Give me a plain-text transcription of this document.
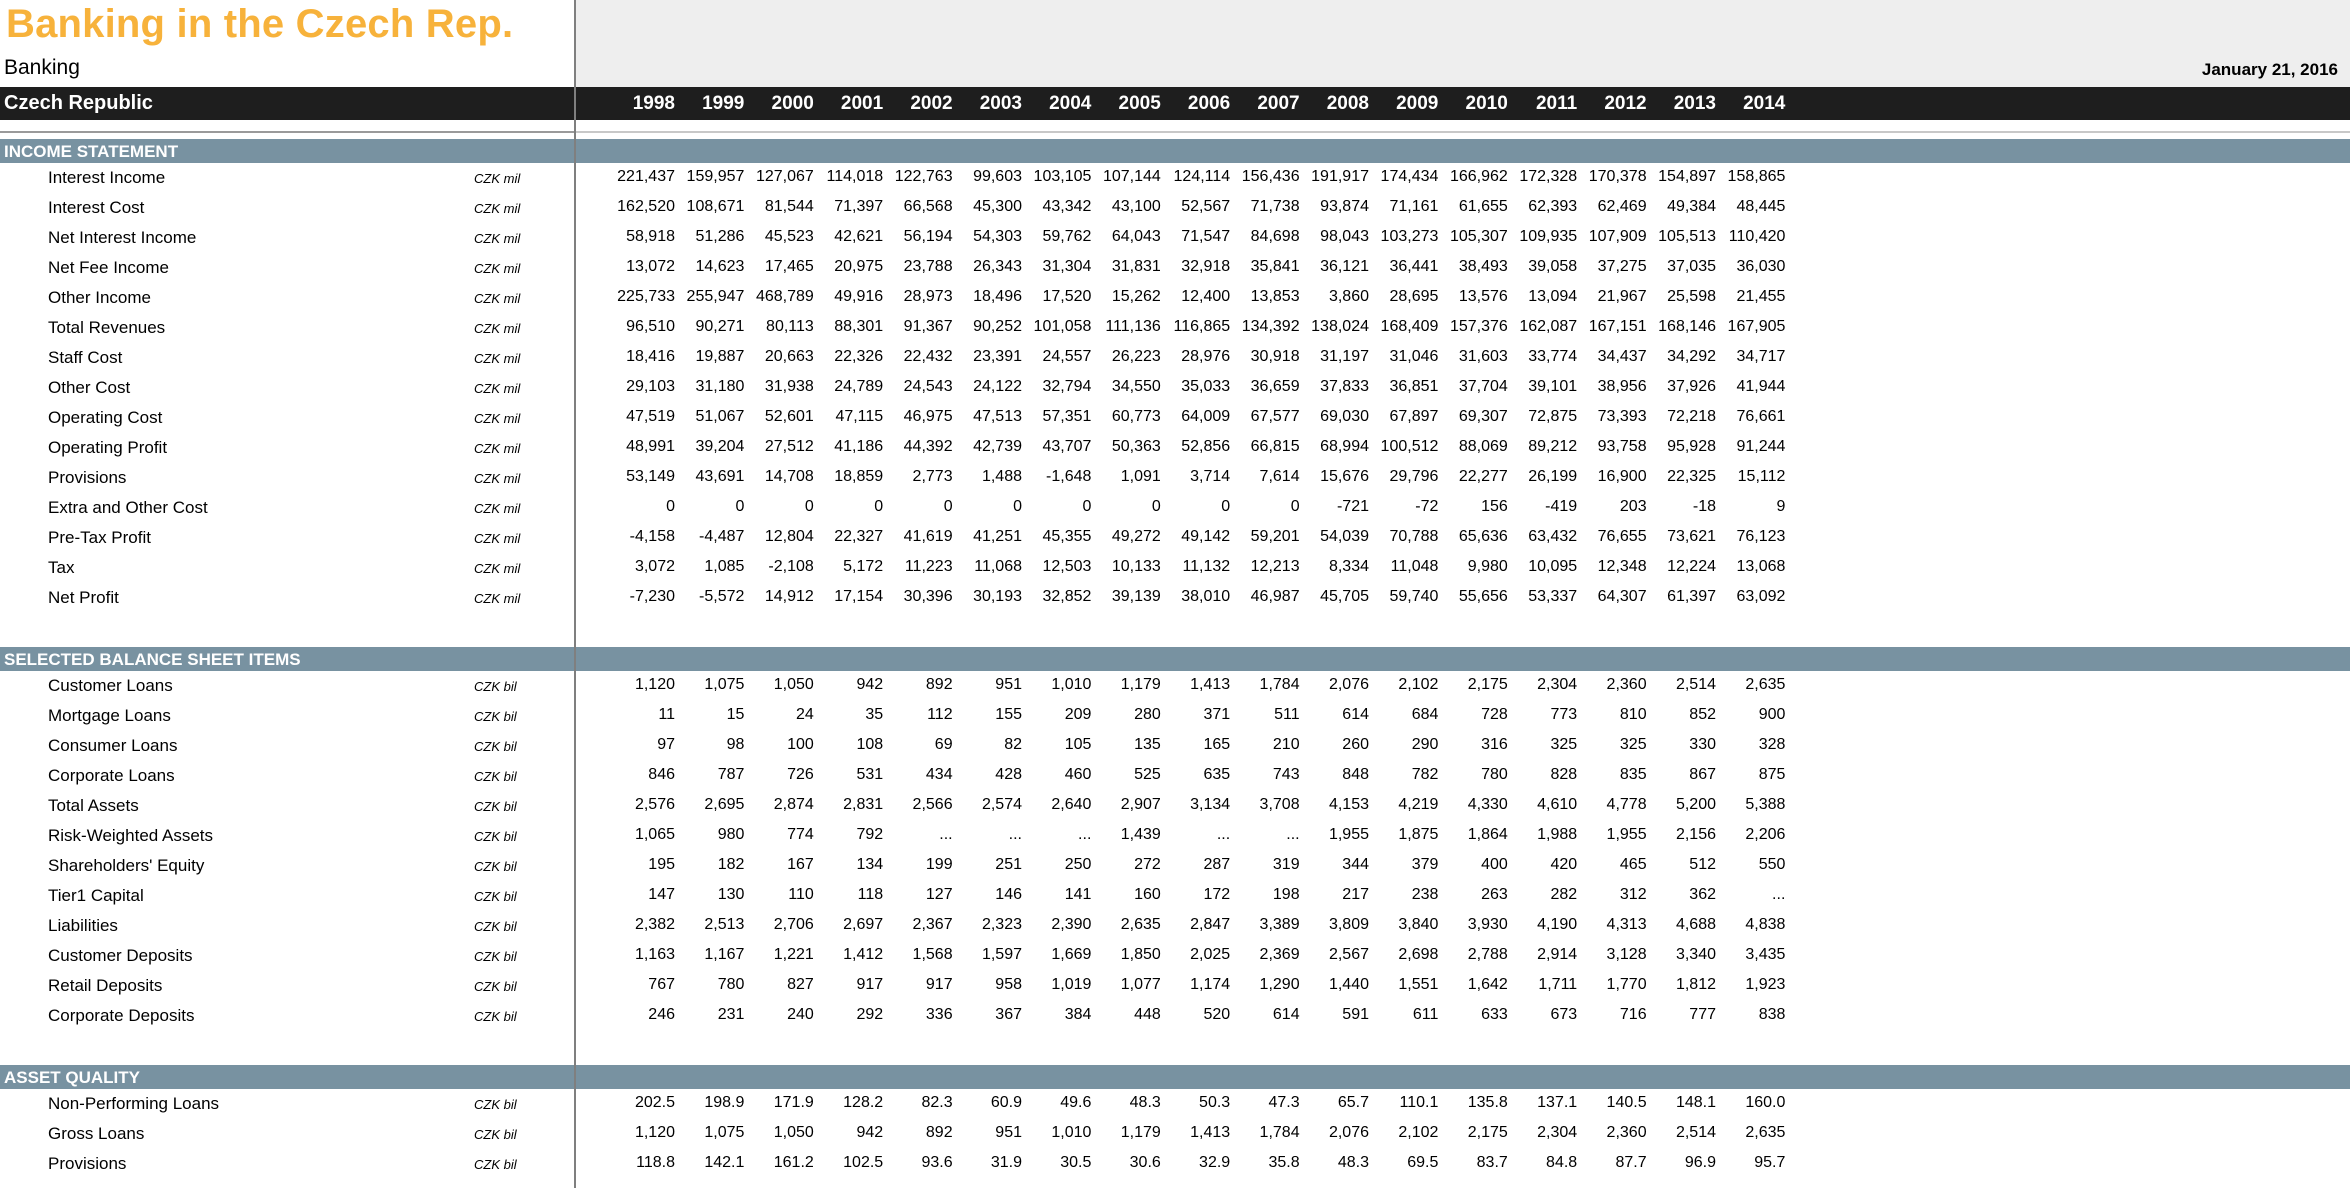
Banking in the Czech Rep.
Banking	January 21, 2016
Czech Republic	1998	1999	2000	2001	2002	2003	2004	2005	2006	2007	2008	2009	2010	2011	2012	2013	2014
INCOME STATEMENT
Interest Income	CZK mil	221,437 159,957 127,067 114,018 122,763	99,603 103,105 107,144 124,114 156,436 191,917 174,434 166,962 172,328 170,378 154,897 158,865
Interest Cost	CZK mil	162,520 108,671	81,544	71,397	66,568	45,300	43,342	43,100	52,567	71,738	93,874	71,161	61,655	62,393	62,469	49,384	48,445
Net Interest Income	CZK mil	58,918	51,286	45,523	42,621	56,194	54,303	59,762	64,043	71,547	84,698	98,043 103,273 105,307 109,935 107,909 105,513 110,420
Net Fee Income	CZK mil	13,072	14,623	17,465	20,975	23,788	26,343	31,304	31,831	32,918	35,841	36,121	36,441	38,493	39,058	37,275	37,035	36,030
Other Income	CZK mil	225,733 255,947 468,789	49,916	28,973	18,496	17,520	15,262	12,400	13,853	3,860	28,695	13,576	13,094	21,967	25,598	21,455
Total Revenues	CZK mil	96,510	90,271	80,113	88,301	91,367	90,252 101,058 111,136 116,865 134,392 138,024 168,409 157,376 162,087 167,151 168,146 167,905
Staff Cost	CZK mil	18,416	19,887	20,663	22,326	22,432	23,391	24,557	26,223	28,976	30,918	31,197	31,046	31,603	33,774	34,437	34,292	34,717
Other Cost	CZK mil	29,103	31,180	31,938	24,789	24,543	24,122	32,794	34,550	35,033	36,659	37,833	36,851	37,704	39,101	38,956	37,926	41,944
Operating Cost	CZK mil	47,519	51,067	52,601	47,115	46,975	47,513	57,351	60,773	64,009	67,577	69,030	67,897	69,307	72,875	73,393	72,218	76,661
Operating Profit	CZK mil	48,991	39,204	27,512	41,186	44,392	42,739	43,707	50,363	52,856	66,815	68,994 100,512	88,069	89,212	93,758	95,928	91,244
Provisions	CZK mil	53,149	43,691	14,708	18,859	2,773	1,488	-1,648	1,091	3,714	7,614	15,676	29,796	22,277	26,199	16,900	22,325	15,112
Extra and Other Cost	CZK mil	0	0	0	0	0	0	0	0	0	0	-721	-72	156	-419	203	-18	9
Pre-Tax Profit	CZK mil	-4,158	-4,487	12,804	22,327	41,619	41,251	45,355	49,272	49,142	59,201	54,039	70,788	65,636	63,432	76,655	73,621	76,123
Tax	CZK mil	3,072	1,085	-2,108	5,172	11,223	11,068	12,503	10,133	11,132	12,213	8,334	11,048	9,980	10,095	12,348	12,224	13,068
Net Profit	CZK mil	-7,230	-5,572	14,912	17,154	30,396	30,193	32,852	39,139	38,010	46,987	45,705	59,740	55,656	53,337	64,307	61,397	63,092
SELECTED BALANCE SHEET ITEMS
Customer Loans	CZK bil	1,120	1,075	1,050	942	892	951	1,010	1,179	1,413	1,784	2,076	2,102	2,175	2,304	2,360	2,514	2,635
Mortgage Loans	CZK bil	11	15	24	35	112	155	209	280	371	511	614	684	728	773	810	852	900
Consumer Loans	CZK bil	97	98	100	108	69	82	105	135	165	210	260	290	316	325	325	330	328
Corporate Loans	CZK bil	846	787	726	531	434	428	460	525	635	743	848	782	780	828	835	867	875
Total Assets	CZK bil	2,576	2,695	2,874	2,831	2,566	2,574	2,640	2,907	3,134	3,708	4,153	4,219	4,330	4,610	4,778	5,200	5,388
Risk-Weighted Assets	CZK bil	1,065	980	774	792	...	...	...	1,439	...	...	1,955	1,875	1,864	1,988	1,955	2,156	2,206
Shareholders' Equity	CZK bil	195	182	167	134	199	251	250	272	287	319	344	379	400	420	465	512	550
Tier1 Capital	CZK bil	147	130	110	118	127	146	141	160	172	198	217	238	263	282	312	362	...
Liabilities	CZK bil	2,382	2,513	2,706	2,697	2,367	2,323	2,390	2,635	2,847	3,389	3,809	3,840	3,930	4,190	4,313	4,688	4,838
Customer Deposits	CZK bil	1,163	1,167	1,221	1,412	1,568	1,597	1,669	1,850	2,025	2,369	2,567	2,698	2,788	2,914	3,128	3,340	3,435
Retail Deposits	CZK bil	767	780	827	917	917	958	1,019	1,077	1,174	1,290	1,440	1,551	1,642	1,711	1,770	1,812	1,923
Corporate Deposits	CZK bil	246	231	240	292	336	367	384	448	520	614	591	611	633	673	716	777	838
ASSET QUALITY
Non-Performing Loans	CZK bil	202.5	198.9	171.9	128.2	82.3	60.9	49.6	48.3	50.3	47.3	65.7	110.1	135.8	137.1	140.5	148.1	160.0
Gross Loans	CZK bil	1,120	1,075	1,050	942	892	951	1,010	1,179	1,413	1,784	2,076	2,102	2,175	2,304	2,360	2,514	2,635
Provisions	CZK bil	118.8	142.1	161.2	102.5	93.6	31.9	30.5	30.6	32.9	35.8	48.3	69.5	83.7	84.8	87.7	96.9	95.7
